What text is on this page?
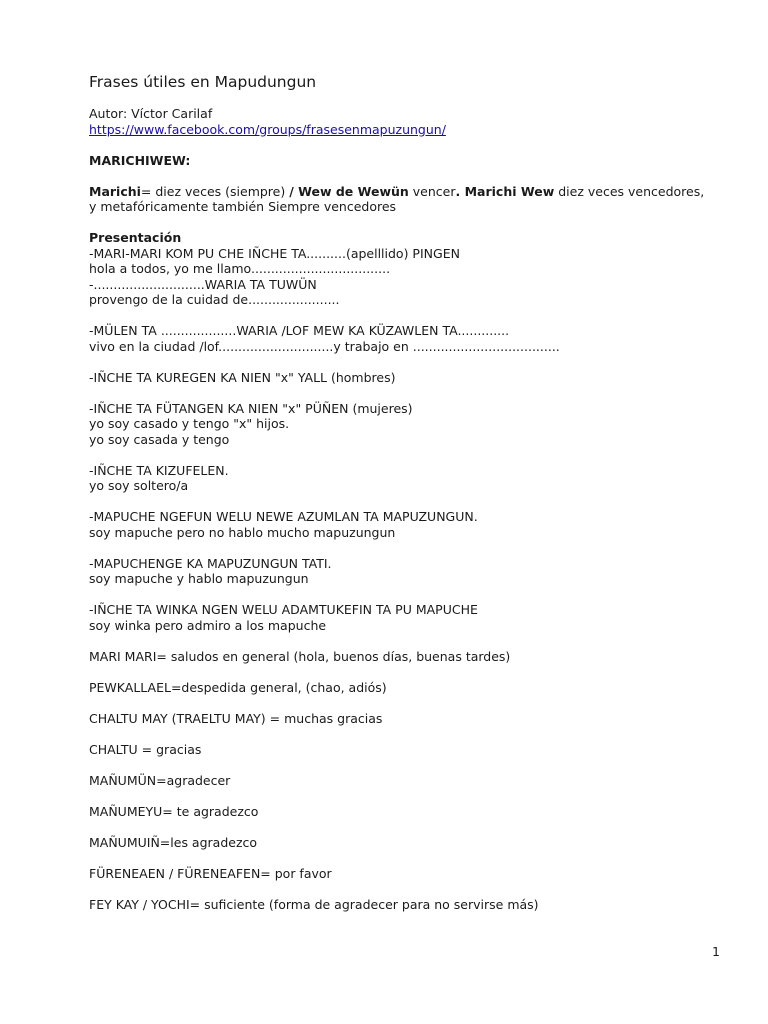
Frases útiles en Mapudungun
Autor: Víctor Carilaf
https://www.facebook.com/groups/frasesenmapuzungun/
MARICHIWEW:
Marichi= diez veces (siempre) / Wew de Wewün vencer. Marichi Wew diez veces vencedores,
y metafóricamente también Siempre vencedores
Presentación
-MARI-MARI KOM PU CHE IÑCHE TA..........(apelllido) PINGEN
hola a todos, yo me llamo...................................
-............................WARIA TA TUWÜN
provengo de la cuidad de.......................
-MÜLEN TA ...................WARIA /LOF MEW KA KÜZAWLEN TA.............
vivo en la ciudad /lof.............................y trabajo en .....................................
-IÑCHE TA KUREGEN KA NIEN "x" YALL (hombres)
-IÑCHE TA FÜTANGEN KA NIEN "x" PÜÑEN (mujeres)
yo soy casado y tengo "x" hijos.
yo soy casada y tengo
-IÑCHE TA KIZUFELEN.
yo soy soltero/a
-MAPUCHE NGEFUN WELU NEWE AZUMLAN TA MAPUZUNGUN.
soy mapuche pero no hablo mucho mapuzungun
-MAPUCHENGE KA MAPUZUNGUN TATI.
soy mapuche y hablo mapuzungun
-IÑCHE TA WINKA NGEN WELU ADAMTUKEFIN TA PU MAPUCHE
soy winka pero admiro a los mapuche
MARI MARI= saludos en general (hola, buenos días, buenas tardes)
PEWKALLAEL=despedida general, (chao, adiós)
CHALTU MAY (TRAELTU MAY) = muchas gracias
CHALTU = gracias
MAÑUMÜN=agradecer
MAÑUMEYU= te agradezco
MAÑUMUIÑ=les agradezco
FÜRENEAEN / FÜRENEAFEN= por favor
FEY KAY / YOCHI= suficiente (forma de agradecer para no servirse más)
1
